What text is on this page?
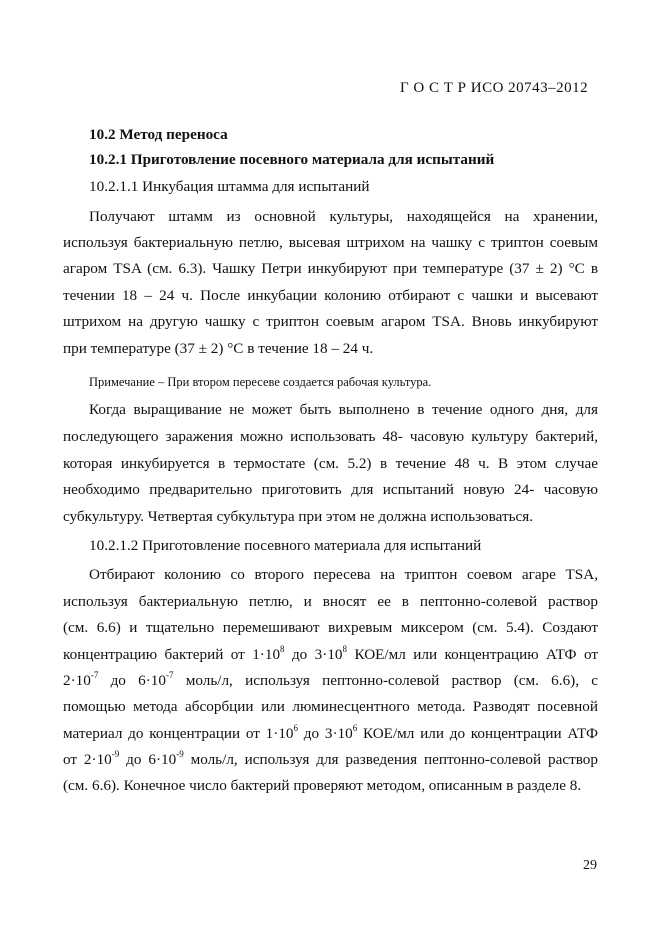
Г О С Т Р ИСО 20743–2012
10.2 Метод переноса
10.2.1 Приготовление посевного материала для испытаний
10.2.1.1 Инкубация штамма для испытаний
Получают штамм из основной культуры, находящейся на хранении,
используя бактериальную петлю, высевая штрихом на чашку с триптон соевым
агаром TSA (см. 6.3). Чашку Петри инкубируют при температуре (37 ± 2) °C в
течении 18 – 24 ч. После инкубации колонию отбирают с чашки и высевают
штрихом на другую чашку с триптон соевым агаром TSA. Вновь инкубируют
при температуре (37 ± 2) °C в течение 18 – 24 ч.
Примечание – При втором пересеве создается рабочая культура.
Когда выращивание не может быть выполнено в течение одного дня, для
последующего заражения можно использовать 48- часовую культуру бактерий,
которая инкубируется в термостате (см. 5.2) в течение 48 ч. В этом случае
необходимо предварительно приготовить для испытаний новую 24- часовую
субкультуру. Четвертая субкультура при этом не должна использоваться.
10.2.1.2 Приготовление посевного материала для испытаний
Отбирают колонию со второго пересева на триптон соевом агаре TSA,
используя бактериальную петлю, и вносят ее в пептонно-солевой раствор
(см. 6.6) и тщательно перемешивают вихревым миксером (см. 5.4). Создают
концентрацию бактерий от $1\cdot 10^8$ до $3\cdot 10^8$ КОЕ/мл или концентрацию АТФ от
$2\cdot 10^{-7}$ до $6\cdot 10^{-7}$ моль/л, используя пептонно-солевой раствор (см. 6.6), с
помощью метода абсорбции или люминесцентного метода. Разводят посевной
материал до концентрации от $1\cdot 10^6$ до $3\cdot 10^6$ КОЕ/мл или до концентрации АТФ
от $2\cdot 10^{-9}$ до $6\cdot 10^{-9}$ моль/л, используя для разведения пептонно-солевой раствор
(см. 6.6). Конечное число бактерий проверяют методом, описанным в разделе 8.
29
